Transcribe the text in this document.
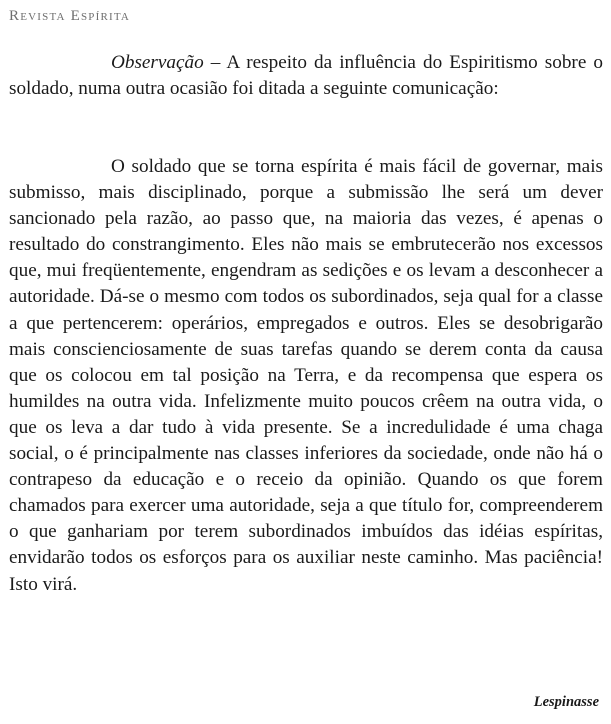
Revista Espírita

Observação – A respeito da influência do Espiritismo sobre o soldado, numa outra ocasião foi ditada a seguinte comunicação:

O soldado que se torna espírita é mais fácil de governar, mais submisso, mais disciplinado, porque a submissão lhe será um dever sancionado pela razão, ao passo que, na maioria das vezes, é apenas o resultado do constrangimento. Eles não mais se embrutecerão nos excessos que, mui freqüentemente, engendram as sedições e os levam a desconhecer a autoridade. Dá-se o mesmo com todos os subordinados, seja qual for a classe a que pertencerem: operários, empregados e outros. Eles se desobrigarão mais conscienciosamente de suas tarefas quando se derem conta da causa que os colocou em tal posição na Terra, e da recompensa que espera os humildes na outra vida. Infelizmente muito poucos crêem na outra vida, o que os leva a dar tudo à vida presente. Se a incredulidade é uma chaga social, o é principalmente nas classes inferiores da sociedade, onde não há o contrapeso da educação e o receio da opinião. Quando os que forem chamados para exercer uma autoridade, seja a que título for, compreenderem o que ganhariam por terem subordinados imbuídos das idéias espíritas, envidarão todos os esforços para os auxiliar neste caminho. Mas paciência! Isto virá.

Lespinasse
